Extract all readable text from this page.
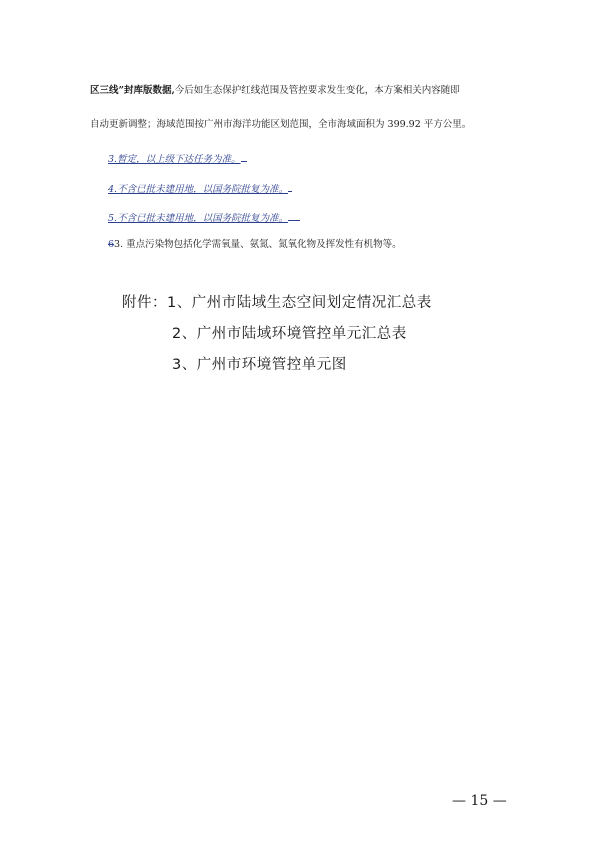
区三线”封库版数据,今后如生态保护红线范围及管控要求发生变化，本方案相关内容随即
自动更新调整；海域范围按广州市海洋功能区划范围，全市海域面积为 399.92 平方公里。
3.暂定，以上级下达任务为准。
4.不含已批未建用地，以国务院批复为准。
5.不含已批未建用地，以国务院批复为准。
63. 重点污染物包括化学需氧量、氨氮、氮氧化物及挥发性有机物等。
附件：1、广州市陆域生态空间划定情况汇总表
2、广州市陆域环境管控单元汇总表
3、广州市环境管控单元图
— 15 —
